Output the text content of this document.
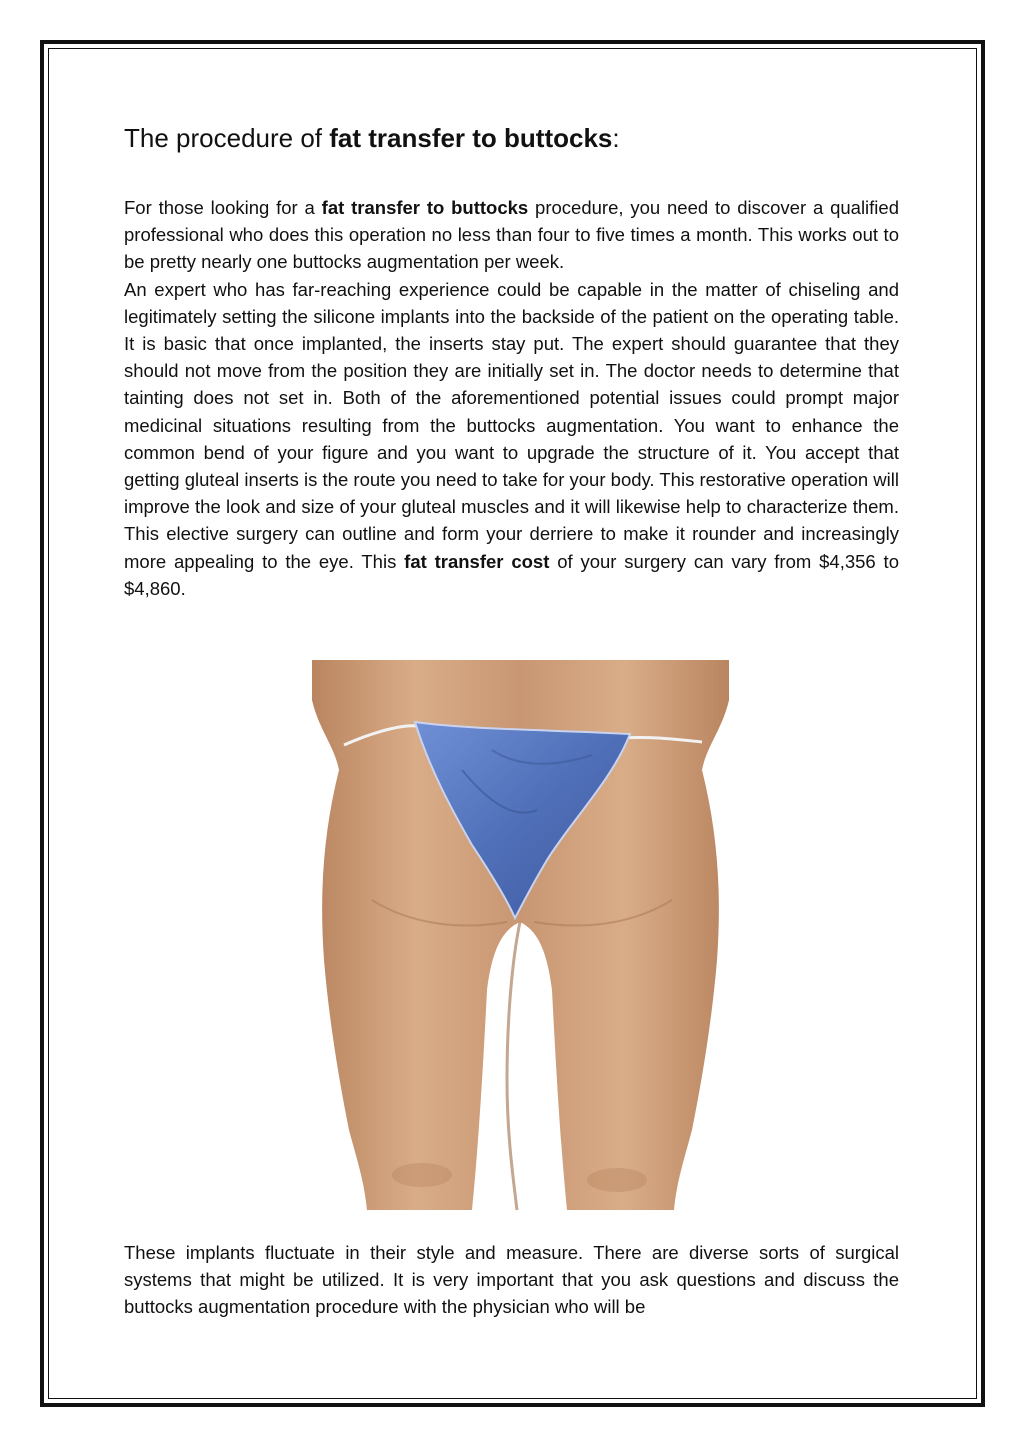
The procedure of fat transfer to buttocks:

For those looking for a fat transfer to buttocks procedure, you need to discover a qualified professional who does this operation no less than four to five times a month. This works out to be pretty nearly one buttocks augmentation per week.

An expert who has far-reaching experience could be capable in the matter of chiseling and legitimately setting the silicone implants into the backside of the patient on the operating table. It is basic that once implanted, the inserts stay put. The expert should guarantee that they should not move from the position they are initially set in. The doctor needs to determine that tainting does not set in. Both of the aforementioned potential issues could prompt major medicinal situations resulting from the buttocks augmentation. You want to enhance the common bend of your figure and you want to upgrade the structure of it. You accept that getting gluteal inserts is the route you need to take for your body. This restorative operation will improve the look and size of your gluteal muscles and it will likewise help to characterize them. This elective surgery can outline and form your derriere to make it rounder and increasingly more appealing to the eye. This fat transfer cost of your surgery can vary from $4,356 to $4,860.

These implants fluctuate in their style and measure. There are diverse sorts of surgical systems that might be utilized. It is very important that you ask questions and discuss the buttocks augmentation procedure with the physician who will be
